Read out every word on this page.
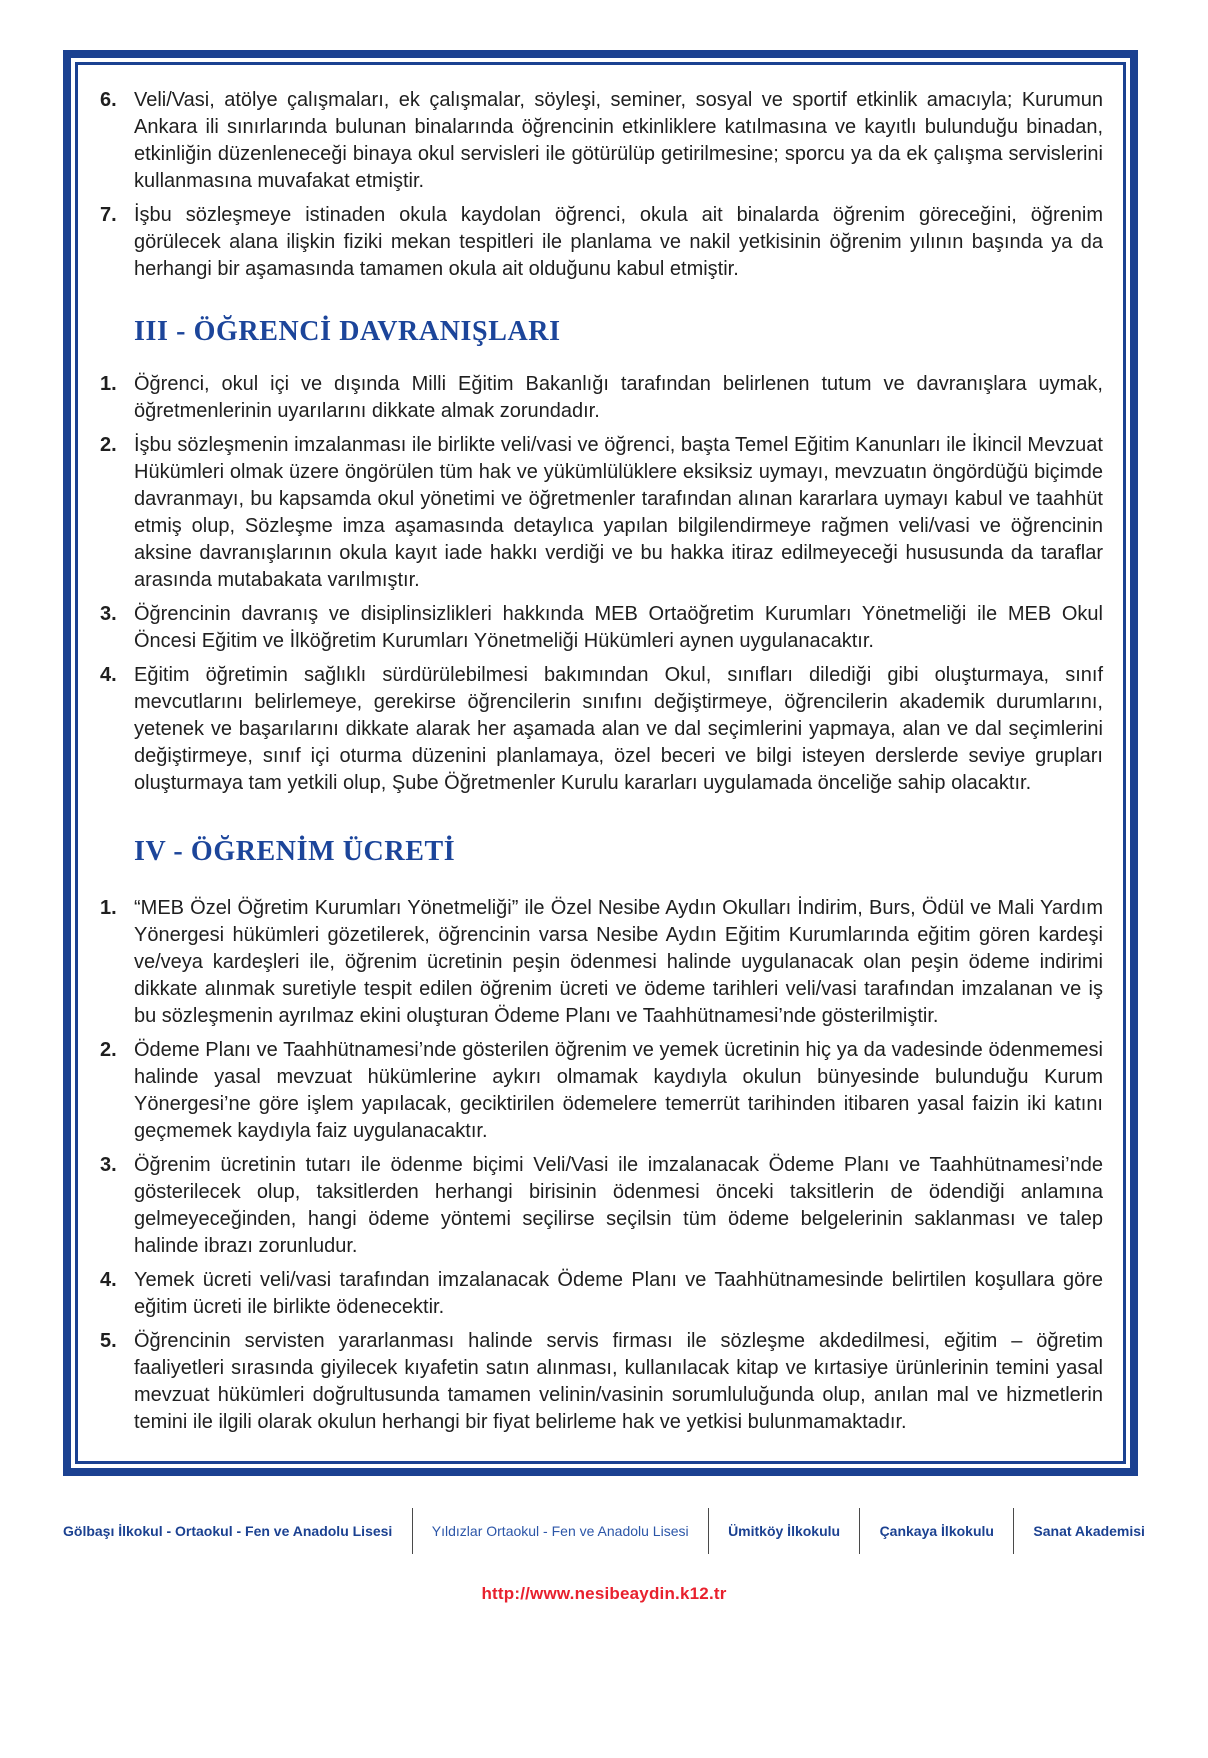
6. Veli/Vasi, atölye çalışmaları, ek çalışmalar, söyleşi, seminer, sosyal ve sportif etkinlik amacıyla; Kurumun Ankara ili sınırlarında bulunan binalarında öğrencinin etkinliklere katılmasına ve kayıtlı bulunduğu binadan, etkinliğin düzenleneceği binaya okul servisleri ile götürülüp getirilmesine; sporcu ya da ek çalışma servislerini kullanmasına muvafakat etmiştir.
7. İşbu sözleşmeye istinaden okula kaydolan öğrenci, okula ait binalarda öğrenim göreceğini, öğrenim görülecek alana ilişkin fiziki mekan tespitleri ile planlama ve nakil yetkisinin öğrenim yılının başında ya da herhangi bir aşamasında tamamen okula ait olduğunu kabul etmiştir.
III - ÖĞRENCİ DAVRANIŞLARI
1. Öğrenci, okul içi ve dışında Milli Eğitim Bakanlığı tarafından belirlenen tutum ve davranışlara uymak, öğretmenlerinin uyarılarını dikkate almak zorundadır.
2. İşbu sözleşmenin imzalanması ile birlikte veli/vasi ve öğrenci, başta Temel Eğitim Kanunları ile İkincil Mevzuat Hükümleri olmak üzere öngörülen tüm hak ve yükümlülüklere eksiksiz uymayı, mevzuatın öngördüğü biçimde davranmayı, bu kapsamda okul yönetimi ve öğretmenler tarafından alınan kararlara uymayı kabul ve taahhüt etmiş olup, Sözleşme imza aşamasında detaylıca yapılan bilgilendirmeye rağmen veli/vasi ve öğrencinin aksine davranışlarının okula kayıt iade hakkı verdiği ve bu hakka itiraz edilmeyeceği hususunda da taraflar arasında mutabakata varılmıştır.
3. Öğrencinin davranış ve disiplinsizlikleri hakkında MEB Ortaöğretim Kurumları Yönetmeliği ile MEB Okul Öncesi Eğitim ve İlköğretim Kurumları Yönetmeliği Hükümleri aynen uygulanacaktır.
4. Eğitim öğretimin sağlıklı sürdürülebilmesi bakımından Okul, sınıfları dilediği gibi oluşturmaya, sınıf mevcutlarını belirlemeye, gerekirse öğrencilerin sınıfını değiştirmeye, öğrencilerin akademik durumlarını, yetenek ve başarılarını dikkate alarak her aşamada alan ve dal seçimlerini yapmaya, alan ve dal seçimlerini değiştirmeye, sınıf içi oturma düzenini planlamaya, özel beceri ve bilgi isteyen derslerde seviye grupları oluşturmaya tam yetkili olup, Şube Öğretmenler Kurulu kararları uygulamada önceliğe sahip olacaktır.
IV - ÖĞRENİM ÜCRETİ
1. “MEB Özel Öğretim Kurumları Yönetmeliği” ile Özel Nesibe Aydın Okulları İndirim, Burs, Ödül ve Mali Yardım Yönergesi hükümleri gözetilerek, öğrencinin varsa Nesibe Aydın Eğitim Kurumlarında eğitim gören kardeşi ve/veya kardeşleri ile, öğrenim ücretinin peşin ödenmesi halinde uygulanacak olan peşin ödeme indirimi dikkate alınmak suretiyle tespit edilen öğrenim ücreti ve ödeme tarihleri veli/vasi tarafından imzalanan ve iş bu sözleşmenin ayrılmaz ekini oluşturan Ödeme Planı ve Taahhütnamesi’nde gösterilmiştir.
2. Ödeme Planı ve Taahhütnamesi’nde gösterilen öğrenim ve yemek ücretinin hiç ya da vadesinde ödenmemesi halinde yasal mevzuat hükümlerine aykırı olmamak kaydıyla okulun bünyesinde bulunduğu Kurum Yönergesi’ne göre işlem yapılacak, geciktirilen ödemelere temerrüt tarihinden itibaren yasal faizin iki katını geçmemek kaydıyla faiz uygulanacaktır.
3. Öğrenim ücretinin tutarı ile ödenme biçimi Veli/Vasi ile imzalanacak Ödeme Planı ve Taahhütnamesi’nde gösterilecek olup, taksitlerden herhangi birisinin ödenmesi önceki taksitlerin de ödendiği anlamına gelmeyeceğinden, hangi ödeme yöntemi seçilirse seçilsin tüm ödeme belgelerinin saklanması ve talep halinde ibrazı zorunludur.
4. Yemek ücreti veli/vasi tarafından imzalanacak Ödeme Planı ve Taahhütnamesinde belirtilen koşullara göre eğitim ücreti ile birlikte ödenecektir.
5. Öğrencinin servisten yararlanması halinde servis firması ile sözleşme akdedilmesi, eğitim – öğretim faaliyetleri sırasında giyilecek kıyafetin satın alınması, kullanılacak kitap ve kırtasiye ürünlerinin temini yasal mevzuat hükümleri doğrultusunda tamamen velinin/vasinin sorumluluğunda olup, anılan mal ve hizmetlerin temini ile ilgili olarak okulun herhangi bir fiyat belirleme hak ve yetkisi bulunmamaktadır.
Gölbaşı İlkokul - Ortaokul - Fen ve Anadolu Lisesi	Yıldızlar Ortaokul - Fen ve Anadolu Lisesi	Ümitköy İlkokulu	Çankaya İlkokulu	Sanat Akademisi
http://www.nesibeaydin.k12.tr
